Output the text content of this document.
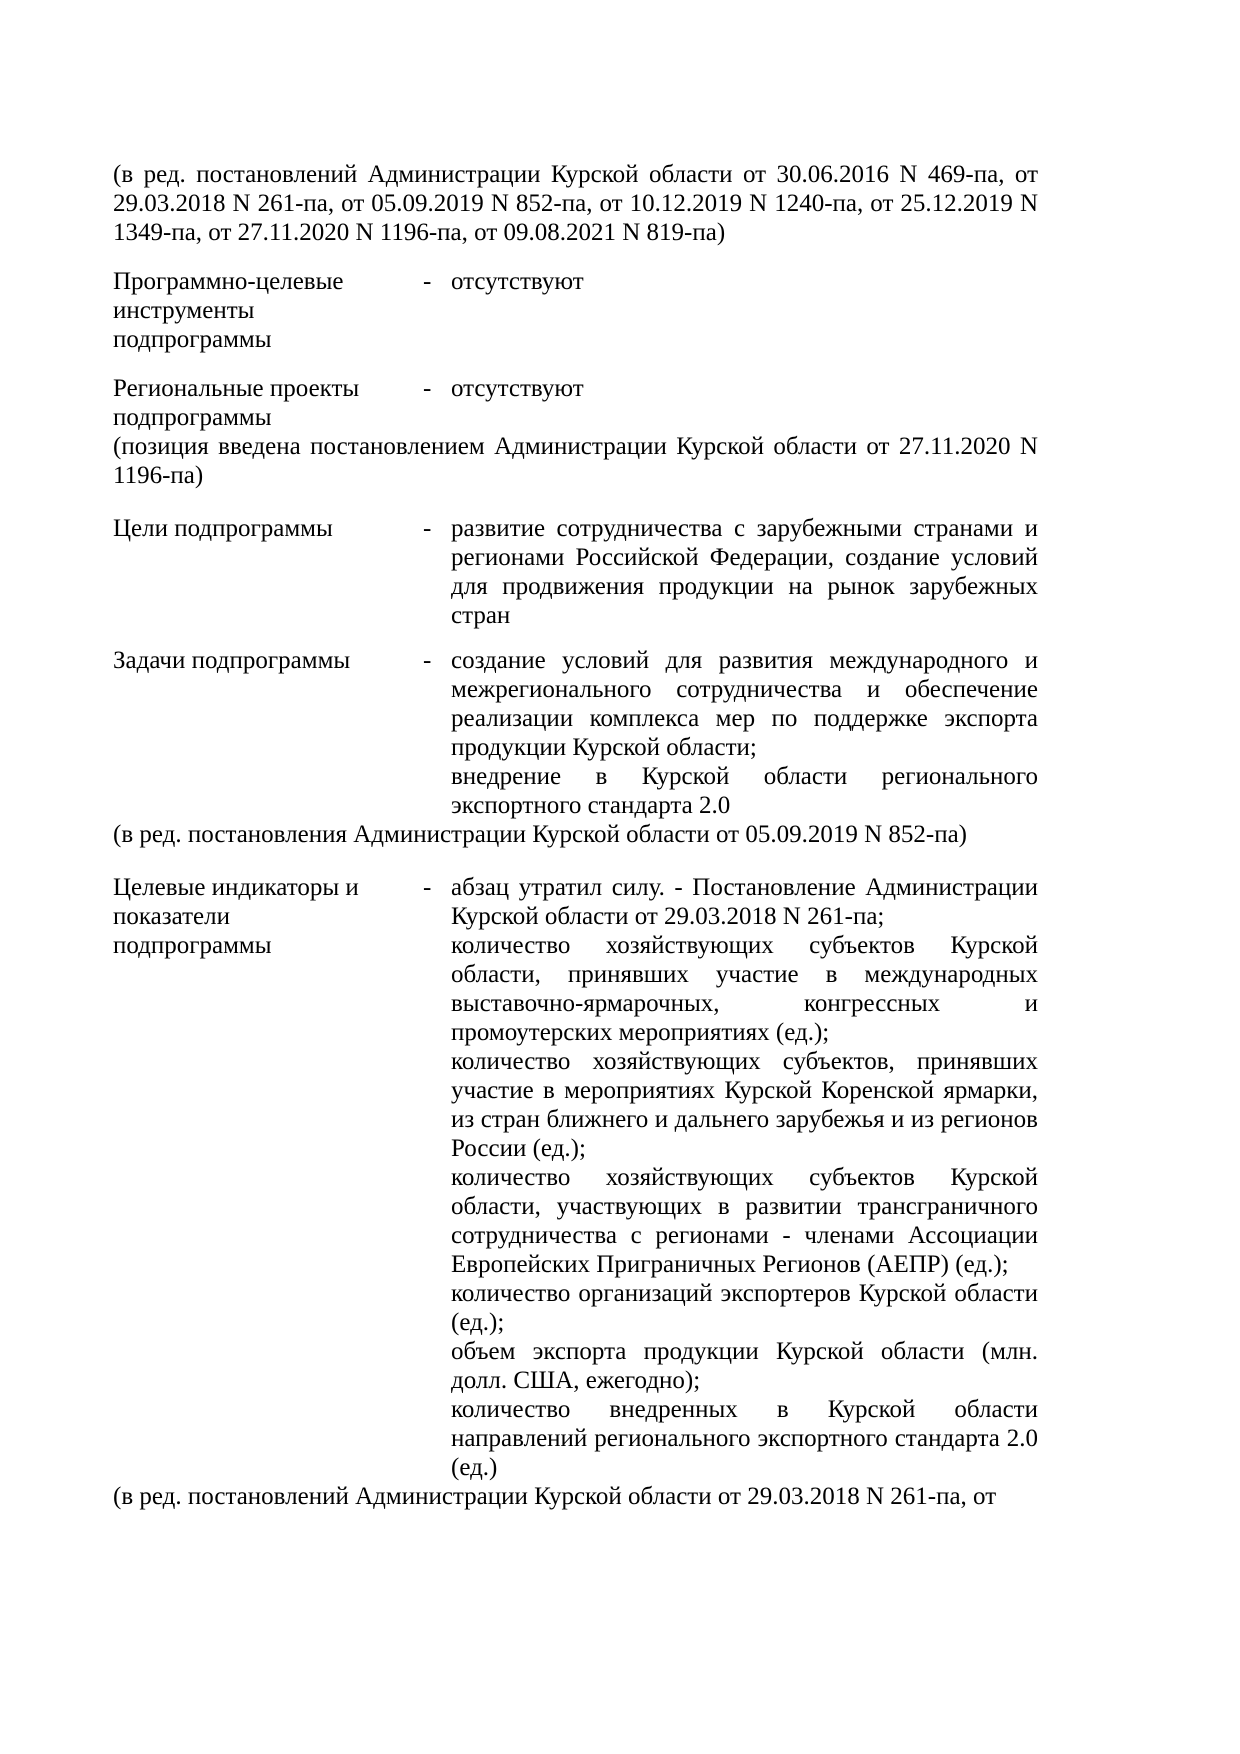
(в ред. постановлений Администрации Курской области от 30.06.2016 N 469-па, от 29.03.2018 N 261-па, от 05.09.2019 N 852-па, от 10.12.2019 N 1240-па, от 25.12.2019 N 1349-па, от 27.11.2020 N 1196-па, от 09.08.2021 N 819-па)

Программно-целевые инструменты подпрограммы
- отсутствуют

Региональные проекты подпрограммы
- отсутствуют

(позиция введена постановлением Администрации Курской области от 27.11.2020 N 1196-па)

Цели подпрограммы	- развитие сотрудничества с зарубежными странами и регионами Российской Федерации, создание условий для продвижения продукции на рынок зарубежных стран

Задачи подпрограммы	- создание условий для развития международного и межрегионального сотрудничества и обеспечение реализации комплекса мер по поддержке экспорта продукции Курской области;

внедрение в Курской области регионального экспортного стандарта 2.0

(в ред. постановления Администрации Курской области от 05.09.2019 N 852-па)

Целевые индикаторы и показатели подпрограммы
- абзац утратил силу. - Постановление Администрации Курской области от 29.03.2018 N 261-па;

количество хозяйствующих субъектов Курской области, принявших участие в международных выставочно-ярмарочных, конгрессных и промоутерских мероприятиях (ед.);

количество хозяйствующих субъектов, принявших участие в мероприятиях Курской Коренской ярмарки, из стран ближнего и дальнего зарубежья и из регионов России (ед.);

количество хозяйствующих субъектов Курской области, участвующих в развитии трансграничного сотрудничества с регионами - членами Ассоциации Европейских Приграничных Регионов (АЕПР) (ед.);

количество организаций экспортеров Курской области (ед.);

объем экспорта продукции Курской области (млн. долл. США, ежегодно);

количество внедренных в Курской области направлений регионального экспортного стандарта 2.0 (ед.)

(в ред. постановлений Администрации Курской области от 29.03.2018 N 261-па, от
